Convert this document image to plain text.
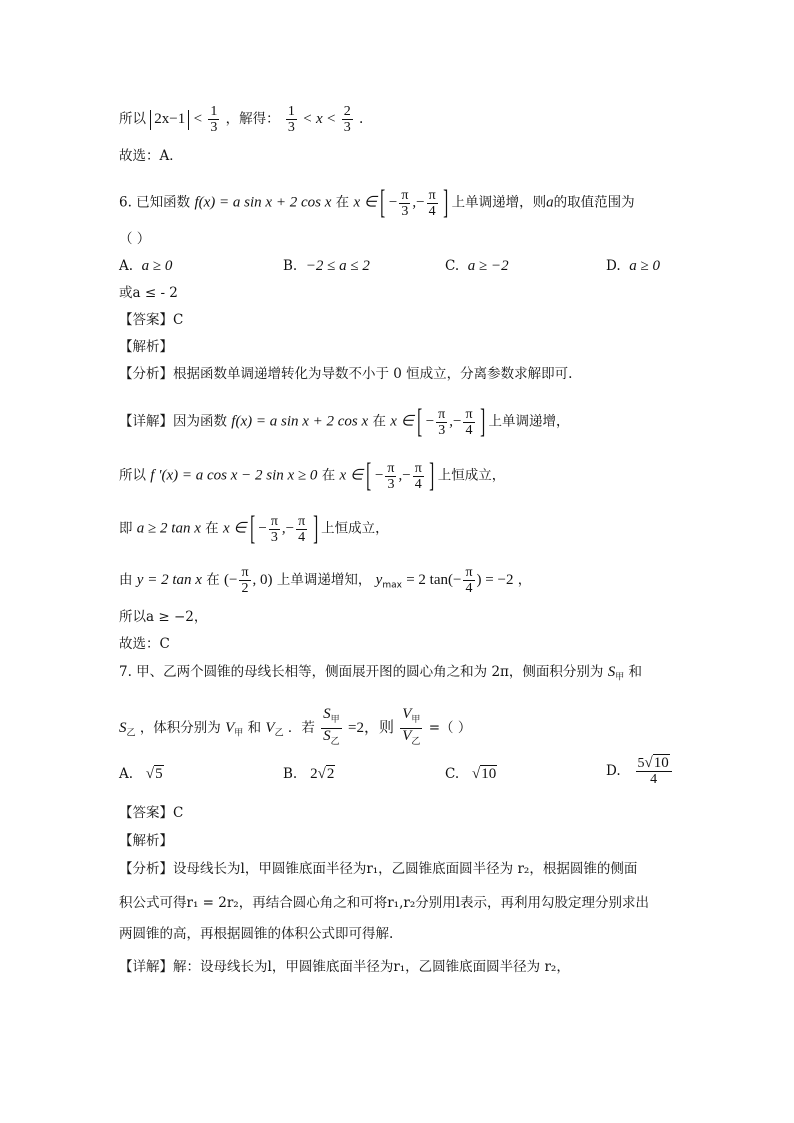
所以 $2x-1 < \frac{1}{3}$ ，解得： $\frac{1}{3} < x < \frac{2}{3}$ .
故选：A．
6. 已知函数 f(x) = a sin x + 2 cos x 在 x ∈ [ − $\frac{\pi}{3}$ ,− $\frac{\pi}{4}$ ] 上单调递增，则a的取值范围为
（ ）
A. a ≥ 0	B. −2 ≤ a ≤ 2	C. a ≥ −2	D. a ≥ 0
或a ≤ - 2
【答案】C
【解析】
【分析】根据函数单调递增转化为导数不小于 0 恒成立，分离参数求解即可.
【详解】因为函数 f(x) = a sin x + 2 cos x 在 x ∈ [ − $\frac{\pi}{3}$ ,− $\frac{\pi}{4}$ ] 上单调递增，
所以 f ′(x) = a cos x − 2 sin x ≥ 0 在 x ∈ [ − $\frac{\pi}{3}$ ,− $\frac{\pi}{4}$ ] 上恒成立，
即 a ≥ 2 tan x 在 x ∈ [ − $\frac{\pi}{3}$ ,− $\frac{\pi}{4}$ ] 上恒成立，
由 y = 2 tan x 在 (− $\frac{\pi}{2}$ , 0) 上单调递增知， $y_{max} = 2$ $\tan(- \frac{\pi}{4}$ ) = −2 ，
所以a ≥ −2，
故选：C
7. 甲、乙两个圆锥的母线长相等，侧面展开图的圆心角之和为 2π，侧面积分别为 $S_甲$ 和
$S_乙$ ，体积分别为 $V_甲$ 和 $V_乙$ ．若
$S_甲$
$S_乙$
=2，则
$V_甲$
$V_乙$
=（ ）
A. √5	B. 2√2	C. √10	D. $\frac{5√10}{4}$
【答案】C
【解析】
【分析】设母线长为l，甲圆锥底面半径为r₁，乙圆锥底面圆半径为 r₂，根据圆锥的侧面
积公式可得r₁ = 2r₂，再结合圆心角之和可将r₁,r₂分别用l表示，再利用勾股定理分别求出
两圆锥的高，再根据圆锥的体积公式即可得解.
【详解】解：设母线长为l，甲圆锥底面半径为r₁，乙圆锥底面圆半径为 r₂，
